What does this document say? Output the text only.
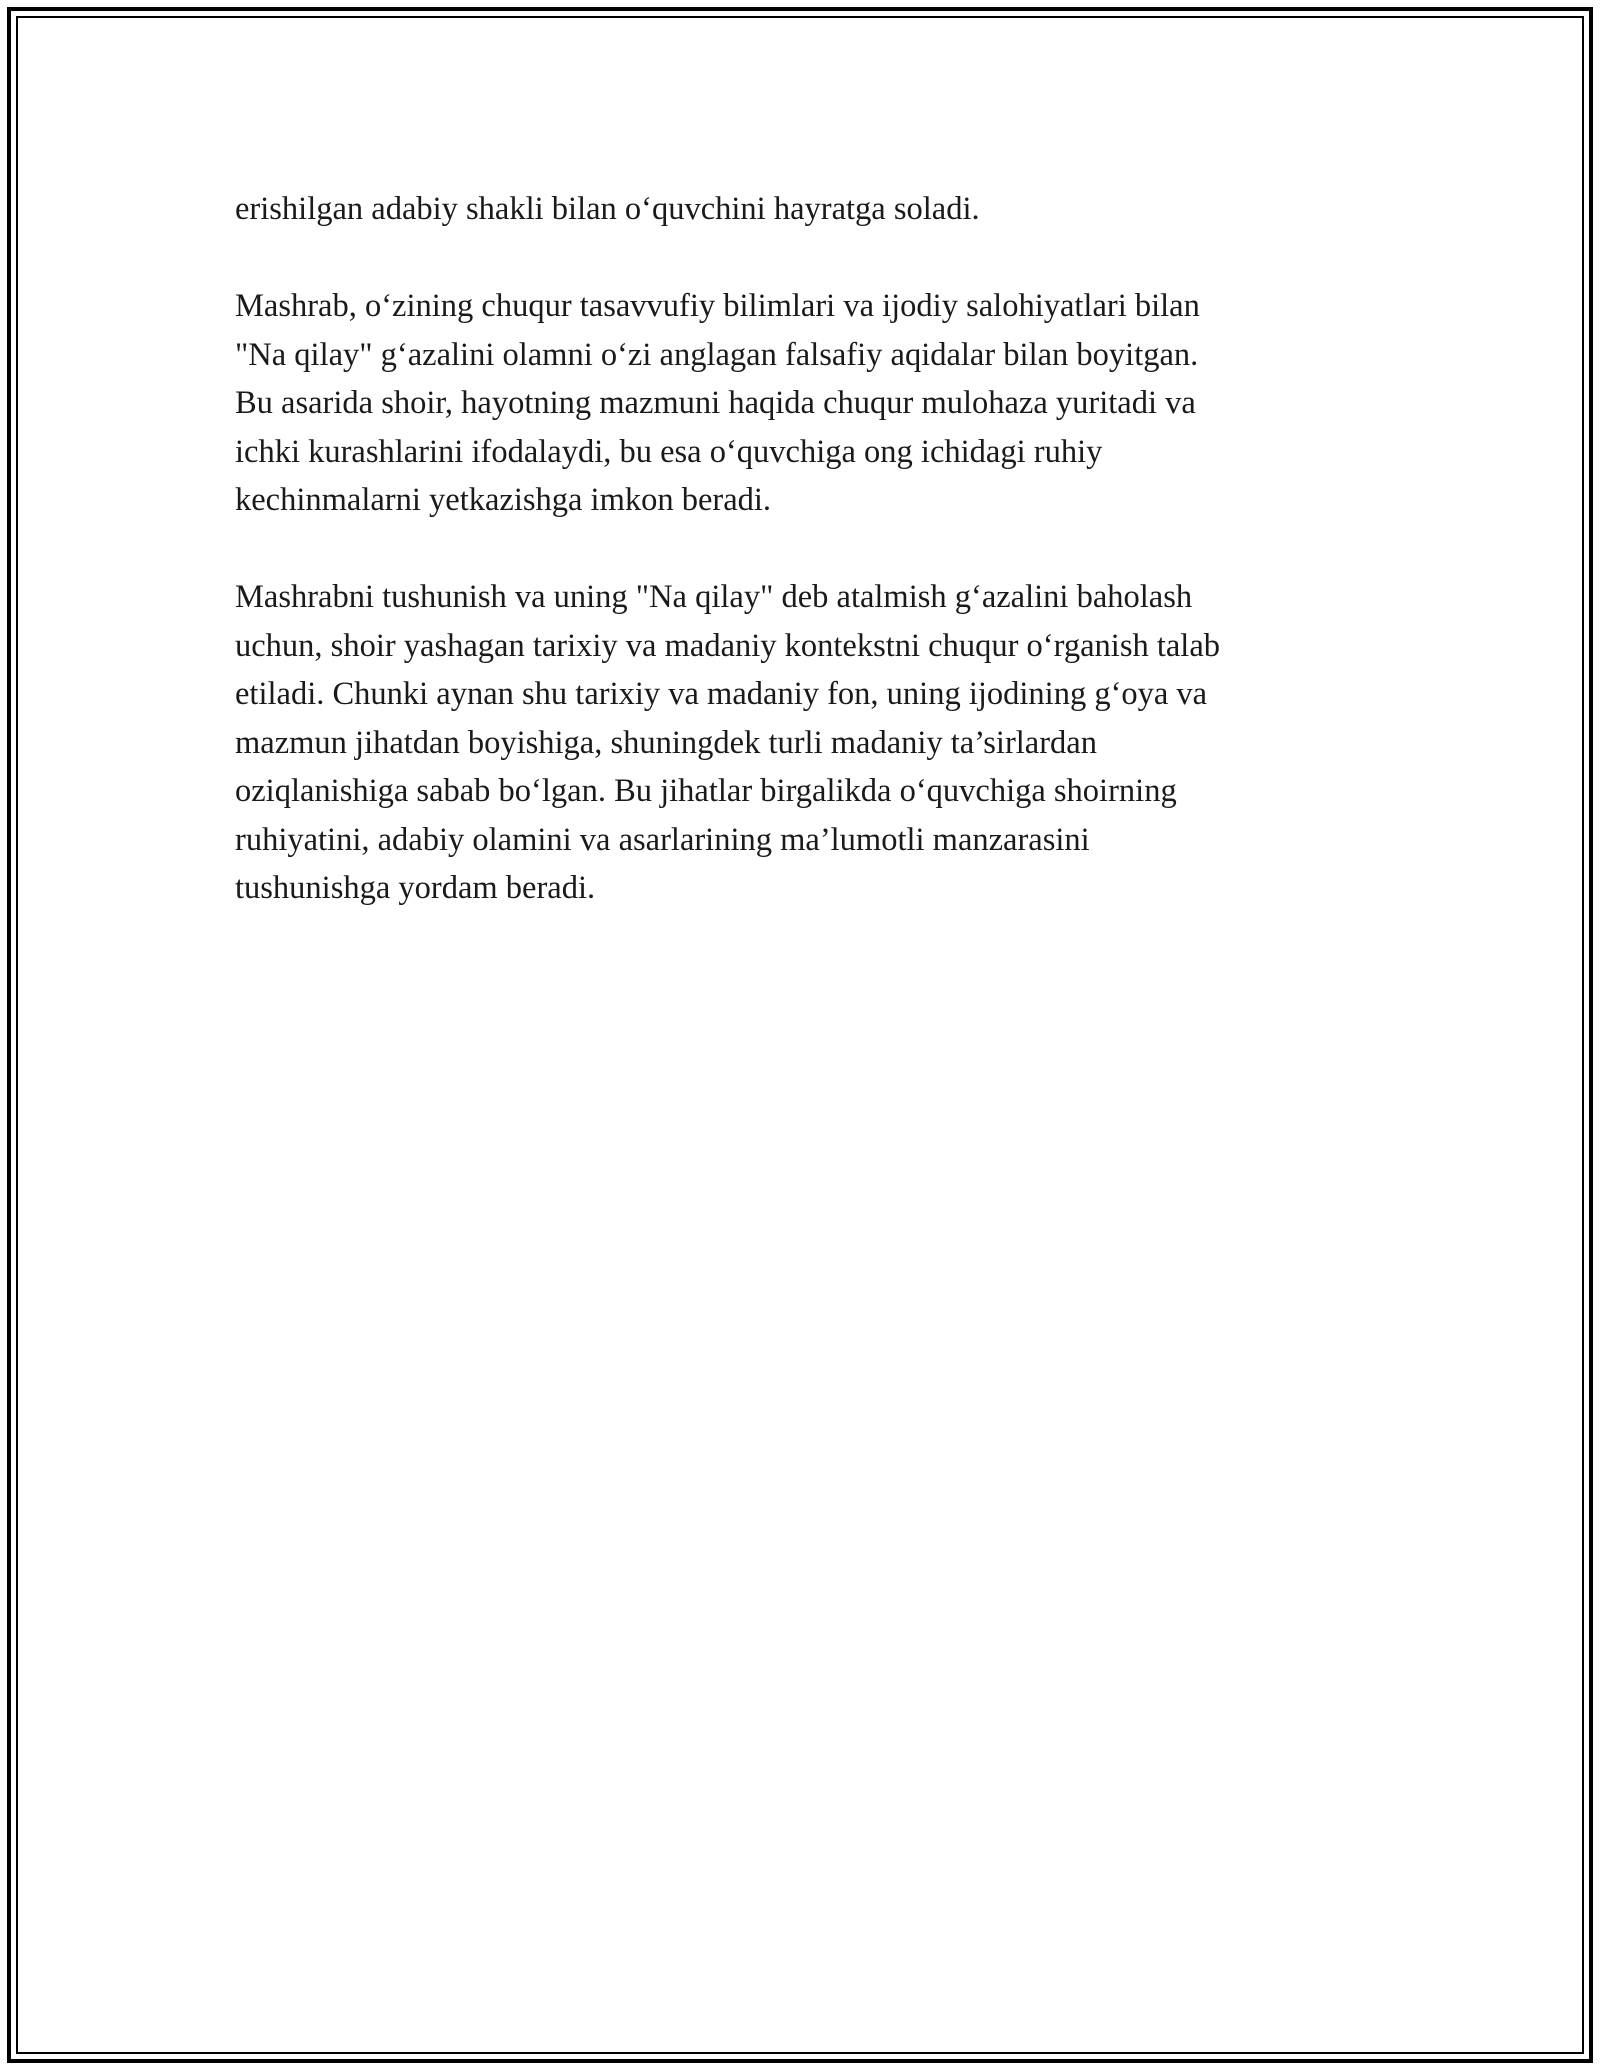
erishilgan adabiy shakli bilan o‘quvchini hayratga soladi.

Mashrab, o‘zining chuqur tasavvufiy bilimlari va ijodiy salohiyatlari bilan
"Na qilay" g‘azalini olamni o‘zi anglagan falsafiy aqidalar bilan boyitgan.
Bu asarida shoir, hayotning mazmuni haqida chuqur mulohaza yuritadi va
ichki kurashlarini ifodalaydi, bu esa o‘quvchiga ong ichidagi ruhiy
kechinmalarni yetkazishga imkon beradi.

Mashrabni tushunish va uning "Na qilay" deb atalmish g‘azalini baholash
uchun, shoir yashagan tarixiy va madaniy kontekstni chuqur o‘rganish talab
etiladi. Chunki aynan shu tarixiy va madaniy fon, uning ijodining g‘oya va
mazmun jihatdan boyishiga, shuningdek turli madaniy ta’sirlardan
oziqlanishiga sabab bo‘lgan. Bu jihatlar birgalikda o‘quvchiga shoirning
ruhiyatini, adabiy olamini va asarlarining ma’lumotli manzarasini
tushunishga yordam beradi.
